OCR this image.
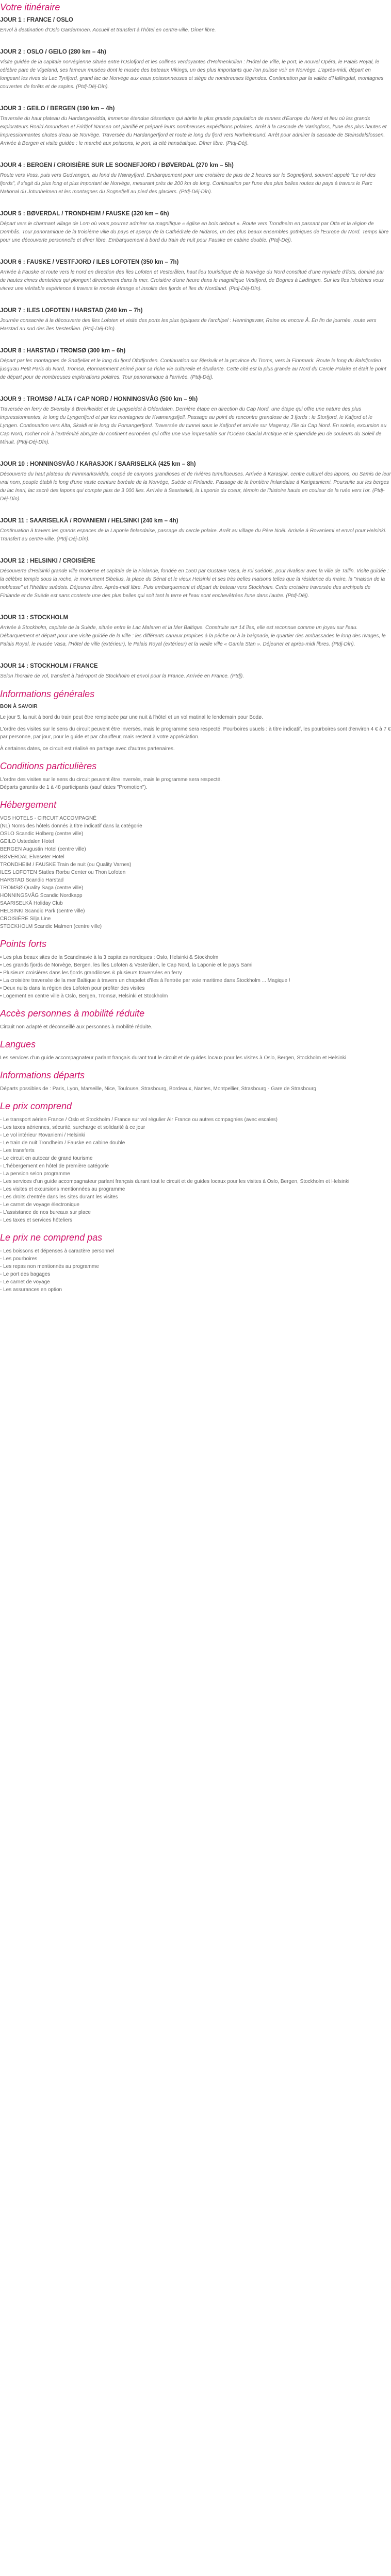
Votre itinéraire
JOUR 1 : FRANCE / OSLO

Envol à destination d'Oslo Gardermoen. Accueil et transfert à l'hôtel en centre-ville. Dîner libre.

JOUR 2 : OSLO / GEILO (280 km – 4h)

Visite guidée de la capitale norvégienne située entre l'Oslofjord et les collines verdoyantes d'Holmenkollen : l'Hôtel de Ville, le port, le nouvel Opéra, le Palais Royal, le célèbre parc de Vigeland, ses fameux musées dont le musée des bateaux Vikings, un des plus importants que l'on puisse voir en Norvège. L'après-midi, départ en longeant les rives du Lac Tyrifjord, grand lac de Norvège aux eaux poissonneuses et siège de nombreuses légendes. Continuation par la vallée d'Hallingdal, montagnes couvertes de forêts et de sapins. (Ptdj-Déj-Dîn).

JOUR 3 : GEILO / BERGEN (190 km – 4h)

Traversée du haut plateau du Hardangervidda, immense étendue désertique qui abrite la plus grande population de rennes d'Europe du Nord et lieu où les grands explorateurs Roald Amundsen et Fridtjof Nansen ont planifié et préparé leurs nombreuses expéditions polaires. Arrêt à la cascade de Vøringfoss, l'une des plus hautes et impressionnantes chutes d'eau de Norvège. Traversée du Hardangerfjord et route le long du fjord vers Norheimsund. Arrêt pour admirer la cascade de Steinsdalsfossen. Arrivée à Bergen et visite guidée : le marché aux poissons, le port, la cité hanséatique. Dîner libre. (Ptdj-Déj).

JOUR 4 : BERGEN / CROISIÈRE SUR LE SOGNEFJORD / BØVERDAL (270 km – 5h)

Route vers Voss, puis vers Gudvangen, au fond du Nærøyfjord. Embarquement pour une croisière de plus de 2 heures sur le Sognefjord, souvent appelé "Le roi des fjords", il s'agit du plus long et plus important de Norvège, mesurant près de 200 km de long. Continuation par l'une des plus belles routes du pays à travers le Parc National du Jotunheimen et les montagnes du Sognefjell au pied des glaciers. (Ptdj-Déj-Dîn).

JOUR 5 : BØVERDAL / TRONDHEIM / FAUSKE (320 km – 6h)

Départ vers le charmant village de Lom où vous pourrez admirer sa magnifique « église en bois debout ». Route vers Trondheim en passant par Otta et la région de Dombås. Tour panoramique de la troisième ville du pays et aperçu de la Cathédrale de Nidaros, un des plus beaux ensembles gothiques de l'Europe du Nord. Temps libre pour une découverte personnelle et dîner libre. Embarquement à bord du train de nuit pour Fauske en cabine double. (Ptdj-Déj).

JOUR 6 : FAUSKE / VESTFJORD / ILES LOFOTEN (350 km – 7h)

Arrivée à Fauske et route vers le nord en direction des îles Lofoten et Vesterålen, haut lieu touristique de la Norvège du Nord constitué d'une myriade d'îlots, dominé par de hautes cimes dentelées qui plongent directement dans la mer. Croisière d'une heure dans le magnifique Vestfjord, de Bognes à Lødingen. Sur les îles lofotènes vous vivrez une véritable expérience à travers le monde étrange et insolite des fjords et îles du Nordland. (Ptdj-Déj-Dîn).

JOUR 7 : ILES LOFOTEN / HARSTAD (240 km – 7h)

Journée consacrée à la découverte des îles Lofoten et visite des ports les plus typiques de l'archipel : Henningsvær, Reine ou encore Å. En fin de journée, route vers Harstad au sud des îles Vesterålen. (Ptdj-Déj-Dîn).

JOUR 8 : HARSTAD / TROMSØ (300 km – 6h)

Départ par les montagnes de Snøfjellet et le long du fjord Ofotfjorden. Continuation sur Bjerkvik et la province du Troms, vers la Finnmark. Route le long du Balsfjorden jusqu'au Petit Paris du Nord, Tromsø, étonnamment animé pour sa riche vie culturelle et étudiante. Cette cité est la plus grande au Nord du Cercle Polaire et était le point de départ pour de nombreuses explorations polaires. Tour panoramique à l'arrivée. (Ptdj-Déj).

JOUR 9 : TROMSØ / ALTA / CAP NORD / HONNINGSVÅG (500 km – 9h)

Traversée en ferry de Svensby à Breivikeidet et de Lyngseidet à Olderdalen. Dernière étape en direction du Cap Nord, une étape qui offre une nature des plus impressionnantes, le long du Lyngenfjord et par les montagnes de Kvænangsfjell. Passage au point de rencontre grandiose de 3 fjords : le Storfjord, le Kafjord et le Lyngen. Continuation vers Alta, Skaidi et le long du Porsangerfjord. Traversée du tunnel sous le Kafjord et arrivée sur Magerøy, l'île du Cap Nord. En soirée, excursion au Cap Nord, rocher noir à l'extrémité abrupte du continent européen qui offre une vue imprenable sur l'Océan Glacial Arctique et le splendide jeu de couleurs du Soleil de Minuit. (Ptdj-Déj-Dîn).

JOUR 10 : HONNINGSVÅG / KARASJOK / SAARISELKÄ (425 km – 8h)

Découverte du haut plateau du Finnmarksvidda, coupé de canyons grandioses et de rivières tumultueuses. Arrivée à Karasjok, centre culturel des lapons, ou Samis de leur vrai nom, peuple établi le long d'une vaste ceinture boréale de la Norvège, Suède et Finlande. Passage de la frontière finlandaise à Karigasniemi. Poursuite sur les berges du lac Inari, lac sacré des lapons qui compte plus de 3 000 îles. Arrivée à Saariselkä, la Laponie du coeur, témoin de l'histoire haute en couleur de la ruée vers l'or. (Ptdj-Déj-Dîn).

JOUR 11 : SAARISELKÄ / ROVANIEMI / HELSINKI (240 km – 4h)

Continuation à travers les grands espaces de la Laponie finlandaise, passage du cercle polaire. Arrêt au village du Père Noël. Arrivée à Rovaniemi et envol pour Helsinki. Transfert au centre-ville. (Ptdj-Déj-Dîn).

JOUR 12 : HELSINKI / CROISIÈRE

Découverte d'Helsinki grande ville moderne et capitale de la Finlande, fondée en 1550 par Gustave Vasa, le roi suédois, pour rivaliser avec la ville de Tallin. Visite guidée : la célèbre temple sous la roche, le monument Sibelius, la place du Sénat et le vieux Helsinki et ses très belles maisons telles que la résidence du maire, la "maison de la noblesse" et l'théâtre suédois. Déjeuner libre. Après-midi libre. Puis embarquement et départ du bateau vers Stockholm. Cette croisière traversée des archipels de Finlande et de Suède est sans conteste une des plus belles qui soit tant la terre et l'eau sont enchevêtrées l'une dans l'autre. (Ptdj-Déj).

JOUR 13 : STOCKHOLM

Arrivée à Stockholm, capitale de la Suède, située entre le Lac Malaren et la Mer Baltique. Construite sur 14 îles, elle est reconnue comme un joyau sur l'eau. Débarquement et départ pour une visite guidée de la ville : les différents canaux propices à la pêche ou à la baignade, le quartier des ambassades le long des rivages, le Palais Royal, le musée Vasa, l'Hôtel de ville (extérieur), le Palais Royal (extérieur) et la vieille ville « Gamla Stan ». Déjeuner et après-midi libres. (Ptdj-Dîn).

JOUR 14 : STOCKHOLM / FRANCE

Selon l'horaire de vol, transfert à l'aéroport de Stockholm et envol pour la France. Arrivée en France. (Ptdj).

Informations générales
BON À SAVOIR

Le jour 5, la nuit à bord du train peut être remplacée par une nuit à l'hôtel et un vol matinal le lendemain pour Bodø.

L'ordre des visites sur le sens du circuit peuvent être inversés, mais le programme sera respecté. Pourboires usuels : à titre indicatif, les pourboires sont d'environ 4 € à 7 € par personne, par jour, pour le guide et par chauffeur, mais restent à votre appréciation.

À certaines dates, ce circuit est réalisé en partage avec d'autres partenaires.

Conditions particulières
L'ordre des visites sur le sens du circuit peuvent être inversés, mais le programme sera respecté.
Départs garantis de 1 à 48 participants (sauf dates "Promotion").
Hébergement
VOS HOTELS - CIRCUIT ACCOMPAGNÉ
(NL) Noms des hôtels donnés à titre indicatif dans la catégorie
OSLO Scandic Holberg (centre ville)
GEILO Ustedalen Hotel
BERGEN Augustin Hotel (centre ville)
BØVERDAL Elveseter Hotel
TRONDHEIM / FAUSKE Train de nuit (ou Quality Varnes)
ILES LOFOTEN Statles Rorbu Center ou Thon Lofoten
HARSTAD Scandic Harstad
TROMSØ Quality Saga (centre ville)
HONNINGSVÅG Scandic Nordkapp
SAARISELKÄ Holiday Club
HELSINKI Scandic Park (centre ville)
CROISIÈRE Silja Line
STOCKHOLM Scandic Malmen (centre ville)
Points forts
• Les plus beaux sites de la Scandinavie à la 3 capitales nordiques : Oslo, Helsinki & Stockholm
• Les grands fjords de Norvège, Bergen, les îles Lofoten & Vesterålen, le Cap Nord, la Laponie et le pays Sami
• Plusieurs croisières dans les fjords grandiloses & plusieurs traversées en ferry
• La croisière traversée de la mer Baltique à travers un chapelet d'îles à l'entrée par voie maritime dans Stockholm ... Magique !
• Deux nuits dans la région des Lofoten pour profiter des visites
• Logement en centre ville à Oslo, Bergen, Tromsø, Helsinki et Stockholm
Accès personnes à mobilité réduite
Circuit non adapté et déconseillé aux personnes à mobilité réduite.
Langues
Les services d'un guide accompagnateur parlant français durant tout le circuit et de guides locaux pour les visites à Oslo, Bergen, Stockholm et Helsinki
Informations départs
Départs possibles de : Paris, Lyon, Marseille, Nice, Toulouse, Strasbourg, Bordeaux, Nantes, Montpellier, Strasbourg - Gare de Strasbourg
Le prix comprend
- Le transport aérien France / Oslo et Stockholm / France sur vol régulier Air France ou autres compagnies (avec escales)
- Les taxes aériennes, sécurité, surcharge et solidarité à ce jour
- Le vol intérieur Rovaniemi / Helsinki
- Le train de nuit Trondheim / Fauske en cabine double
- Les transferts
- Le circuit en autocar de grand tourisme
- L'hébergement en hôtel de première catégorie
- La pension selon programme
- Les services d'un guide accompagnateur parlant français durant tout le circuit et de guides locaux pour les visites à Oslo, Bergen, Stockholm et Helsinki
- Les visites et excursions mentionnées au programme
- Les droits d'entrée dans les sites durant les visites
- Le carnet de voyage électronique
- L'assistance de nos bureaux sur place
- Les taxes et services hôteliers
Le prix ne comprend pas
- Les boissons et dépenses à caractère personnel
- Les pourboires
- Les repas non mentionnés au programme
- Le port des bagages
- Le carnet de voyage
- Les assurances en option
